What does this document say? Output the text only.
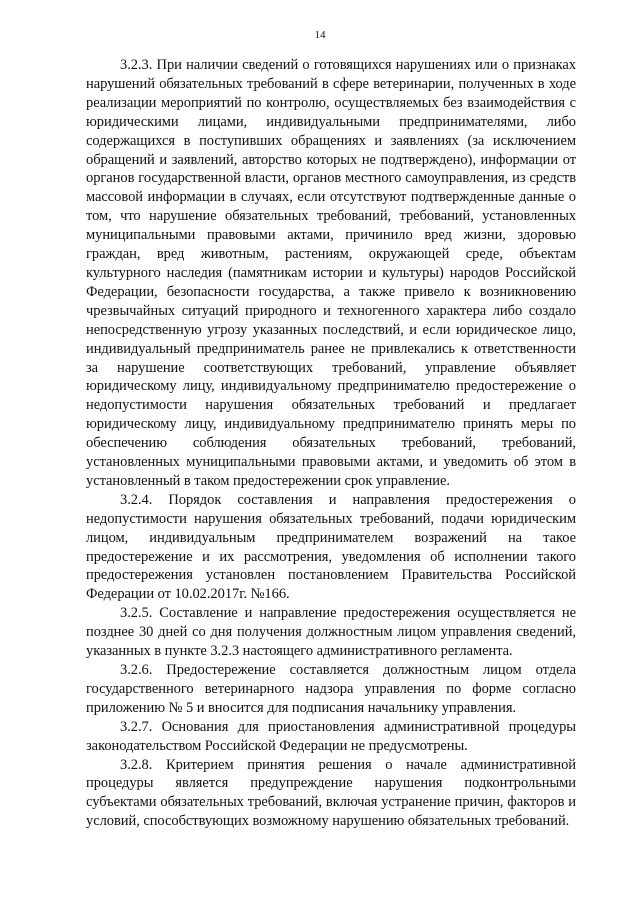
14

3.2.3. При наличии сведений о готовящихся нарушениях или о признаках нарушений обязательных требований в сфере ветеринарии, полученных в ходе реализации мероприятий по контролю, осуществляемых без взаимодействия с юридическими лицами, индивидуальными предпринимателями, либо содержащихся в поступивших обращениях и заявлениях (за исключением обращений и заявлений, авторство которых не подтверждено), информации от органов государственной власти, органов местного самоуправления, из средств массовой информации в случаях, если отсутствуют подтвержденные данные о том, что нарушение обязательных требований, требований, установленных муниципальными правовыми актами, причинило вред жизни, здоровью граждан, вред животным, растениям, окружающей среде, объектам культурного наследия (памятникам истории и культуры) народов Российской Федерации, безопасности государства, а также привело к возникновению чрезвычайных ситуаций природного и техногенного характера либо создало непосредственную угрозу указанных последствий, и если юридическое лицо, индивидуальный предприниматель ранее не привлекались к ответственности за нарушение соответствующих требований, управление объявляет юридическому лицу, индивидуальному предпринимателю предостережение о недопустимости нарушения обязательных требований и предлагает юридическому лицу, индивидуальному предпринимателю принять меры по обеспечению соблюдения обязательных требований, требований, установленных муниципальными правовыми актами, и уведомить об этом в установленный в таком предостережении срок управление.

3.2.4. Порядок составления и направления предостережения о недопустимости нарушения обязательных требований, подачи юридическим лицом, индивидуальным предпринимателем возражений на такое предостережение и их рассмотрения, уведомления об исполнении такого предостережения установлен постановлением Правительства Российской Федерации от 10.02.2017г. №166.

3.2.5. Составление и направление предостережения осуществляется не позднее 30 дней со дня получения должностным лицом управления сведений, указанных в пункте 3.2.3 настоящего административного регламента.

3.2.6. Предостережение составляется должностным лицом отдела государственного ветеринарного надзора управления по форме согласно приложению № 5 и вносится для подписания начальнику управления.

3.2.7. Основания для приостановления административной процедуры законодательством Российской Федерации не предусмотрены.

3.2.8. Критерием принятия решения о начале административной процедуры является предупреждение нарушения подконтрольными субъектами обязательных требований, включая устранение причин, факторов и условий, способствующих возможному нарушению обязательных требований.
